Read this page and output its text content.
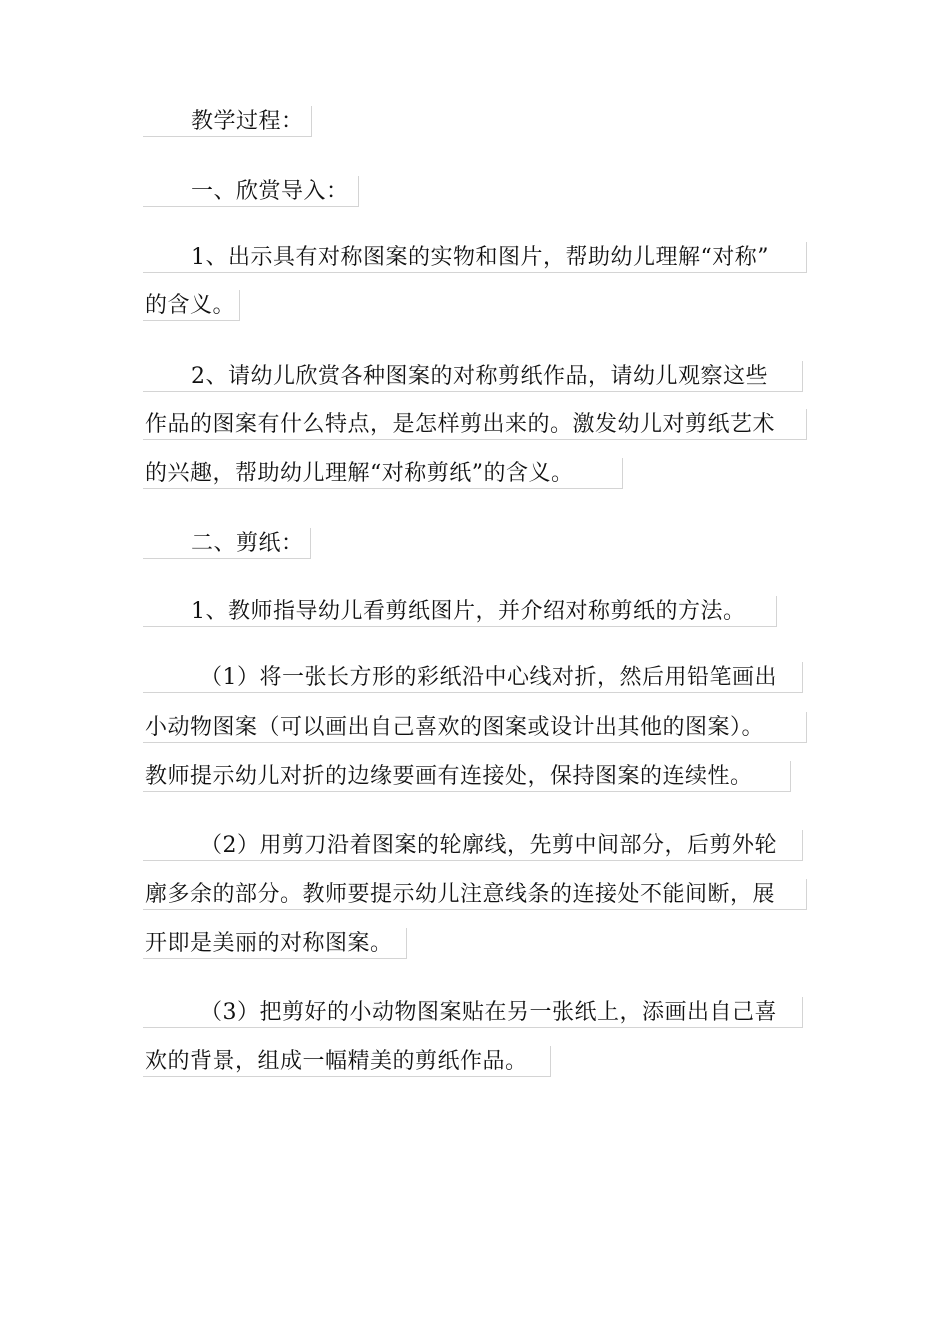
教学过程：
一、欣赏导入：
1、出示具有对称图案的实物和图片，帮助幼儿理解“对称”
的含义。
2、请幼儿欣赏各种图案的对称剪纸作品，请幼儿观察这些
作品的图案有什么特点，是怎样剪出来的。激发幼儿对剪纸艺术
的兴趣，帮助幼儿理解“对称剪纸”的含义。
二、剪纸：
1、教师指导幼儿看剪纸图片，并介绍对称剪纸的方法。
（1）将一张长方形的彩纸沿中心线对折，然后用铅笔画出
小动物图案（可以画出自己喜欢的图案或设计出其他的图案）。
教师提示幼儿对折的边缘要画有连接处，保持图案的连续性。
（2）用剪刀沿着图案的轮廓线，先剪中间部分，后剪外轮
廓多余的部分。教师要提示幼儿注意线条的连接处不能间断，展
开即是美丽的对称图案。
（3）把剪好的小动物图案贴在另一张纸上，添画出自己喜
欢的背景，组成一幅精美的剪纸作品。
